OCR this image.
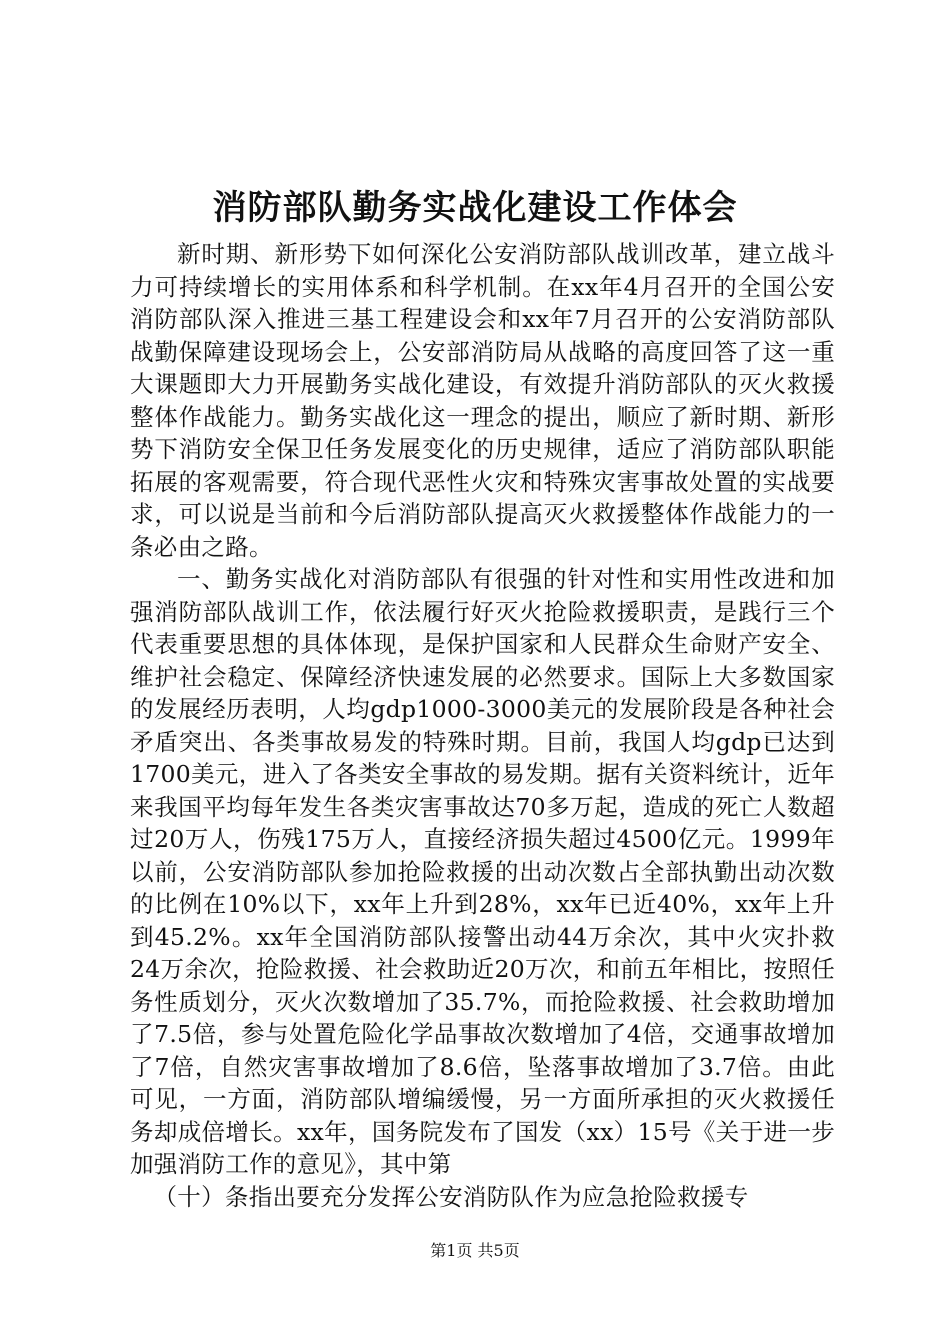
消防部队勤务实战化建设工作体会

新时期、新形势下如何深化公安消防部队战训改革，建立战斗力可持续增长的实用体系和科学机制。在xx年4月召开的全国公安消防部队深入推进三基工程建设会和xx年7月召开的公安消防部队战勤保障建设现场会上，公安部消防局从战略的高度回答了这一重大课题即大力开展勤务实战化建设，有效提升消防部队的灭火救援整体作战能力。勤务实战化这一理念的提出，顺应了新时期、新形势下消防安全保卫任务发展变化的历史规律，适应了消防部队职能拓展的客观需要，符合现代恶性火灾和特殊灾害事故处置的实战要求，可以说是当前和今后消防部队提高灭火救援整体作战能力的一条必由之路。

一、勤务实战化对消防部队有很强的针对性和实用性改进和加强消防部队战训工作，依法履行好灭火抢险救援职责，是践行三个代表重要思想的具体体现，是保护国家和人民群众生命财产安全、维护社会稳定、保障经济快速发展的必然要求。国际上大多数国家的发展经历表明，人均gdp1000-3000美元的发展阶段是各种社会矛盾突出、各类事故易发的特殊时期。目前，我国人均gdp已达到1700美元，进入了各类安全事故的易发期。据有关资料统计，近年来我国平均每年发生各类灾害事故达70多万起，造成的死亡人数超过20万人，伤残175万人，直接经济损失超过4500亿元。1999年以前，公安消防部队参加抢险救援的出动次数占全部执勤出动次数的比例在10%以下，xx年上升到28%，xx年已近40%，xx年上升到45.2%。xx年全国消防部队接警出动44万余次，其中火灾扑救24万余次，抢险救援、社会救助近20万次，和前五年相比，按照任务性质划分，灭火次数增加了35.7%，而抢险救援、社会救助增加了7.5倍，参与处置危险化学品事故次数增加了4倍，交通事故增加了7倍，自然灾害事故增加了8.6倍，坠落事故增加了3.7倍。由此可见，一方面，消防部队增编缓慢，另一方面所承担的灭火救援任务却成倍增长。xx年，国务院发布了国发（xx）15号《关于进一步加强消防工作的意见》，其中第

（十）条指出要充分发挥公安消防队作为应急抢险救援专

第1页 共5页
